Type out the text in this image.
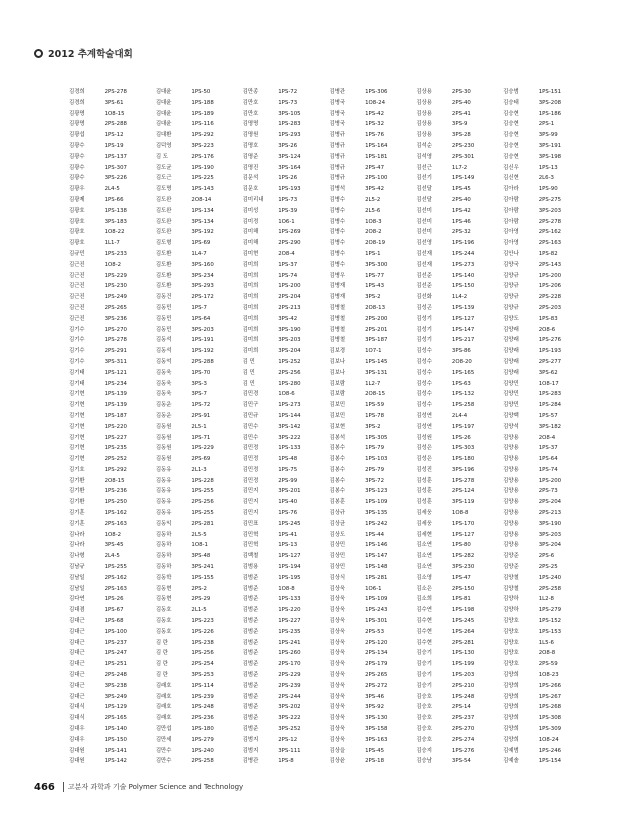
2012 추계학술대회
김경희	2PS-278
김경희	3PS-61
김광명	1O8-15
김광명	2PS-288
김광섭	1PS-12
김광수	1PS-19
김광수	1PS-137
김광수	1PS-307
김광수	3PS-226
김광우	2L4-5
김광제	1PS-66
김광호	1PS-138
김광호	3PS-183
김광호	1O8-22
김광호	1L1-7
김규민	1PS-233
김근진	1O8-2
김근진	1PS-229
김근진	1PS-230
김근진	1PS-249
김근진	2PS-265
김근진	3PS-236
김기수	1PS-270
김기수	1PS-278
김기수	2PS-291
김기수	3PS-311
김기태	1PS-121
김기태	1PS-234
김기현	1PS-139
김기현	1PS-139
김기현	1PS-187
김기현	1PS-220
김기현	1PS-227
김기현	1PS-235
김기현	2PS-252
김기호	1PS-292
김기환	2O8-15
김기환	1PS-236
김기환	1PS-250
김기훈	1PS-162
김기훈	2PS-163
김나라	1O8-2
김나라	3PS-45
김나형	2L4-5
김남규	1PS-255
김남일	2PS-162
김남일	2PS-163
김다연	1PS-26
김대겸	1PS-67
김대근	1PS-68
김대근	1PS-100
김대근	1PS-237
김대근	1PS-247
김대근	1PS-251
김대근	2PS-248
김대근	3PS-238
김대근	3PS-249
김대식	1PS-129
김대식	2PS-165
김대우	1PS-140
김대우	1PS-150
김대원	1PS-141
김대원	1PS-142
김대윤	1PS-50
김대윤	1PS-188
김대윤	1PS-189
김대윤	1PS-116
김대환	1PS-292
김덕영	3PS-223
김 도	2PS-176
김도균	1PS-190
김도근	1PS-225
김도명	1PS-143
김도완	2O8-14
김도완	1PS-134
김도완	3PS-134
김도완	3PS-192
김도형	1PS-69
김도환	1L4-7
김도환	3PS-160
김도환	3PS-234
김도환	3PS-293
김동건	2PS-172
김동민	1PS-7
김동민	1PS-64
김동민	3PS-203
김동석	1PS-191
김동석	1PS-192
김동억	2PS-288
김동욱	1PS-70
김동욱	3PS-3
김동욱	3PS-7
김동운	1PS-72
김동운	2PS-91
김동원	2L5-1
김동원	1PS-71
김동원	1PS-229
김동원	2PS-69
김동유	2L1-3
김동유	1PS-228
김동유	1PS-255
김동유	2PS-256
김동유	1PS-255
김동익	2PS-281
김동하	2L5-5
김동하	1O8-1
김동하	3PS-48
김동하	3PS-241
김동학	1PS-155
김동현	2PS-2
김동현	2PS-29
김동호	2L1-5
김동호	1PS-223
김동호	1PS-226
김 란	1PS-238
김 란	1PS-256
김 란	2PS-254
김 란	3PS-253
김래호	1PS-114
김래호	1PS-239
김래호	1PS-248
김래호	2PS-236
김만섭	1PS-180
김만세	1PS-279
김만수	1PS-240
김만수	2PS-258
김만종	1PS-72
김만호	1PS-73
김만호	3PS-105
김명명	1PS-283
김명원	1PS-293
김명호	3PS-26
김명준	3PS-124
김명진	3PS-164
김문석	1PS-26
김문호	1PS-193
김미리내	1PS-73
김미성	1PS-39
김미정	1O6-1
김미해	1PS-269
김미해	2PS-290
김미현	2O8-4
김미희	1PS-37
김미희	1PS-74
김미희	1PS-200
김미희	2PS-204
김미희	2PS-213
김미희	3PS-42
김미희	3PS-190
김미희	3PS-203
김미희	3PS-204
김 민	1PS-252
김 민	2PS-256
김 민	1PS-280
김민경	1O8-6
김민구	1PS-273
김민규	1PS-144
김민수	3PS-142
김민수	3PS-222
김민정	1PS-133
김민정	1PS-48
김민정	1PS-75
김민정	2PS-99
김민지	3PS-201
김민지	1PS-40
김민지	1PS-76
김민표	1PS-245
김민혁	1PS-41
김민혁	1PS-13
김백철	1PS-127
김범용	1PS-194
김범준	1PS-195
김범준	1O8-8
김범준	1PS-133
김범준	1PS-220
김범준	1PS-227
김범준	1PS-235
김범준	1PS-241
김범준	1PS-260
김범준	2PS-170
김범준	2PS-229
김범준	2PS-239
김범준	2PS-244
김범준	3PS-202
김범준	3PS-222
김범준	3PS-252
김범지	2PS-12
김범지	3PS-111
김병관	1PS-8
김병관	1PS-306
김병국	1O8-24
김병국	1PS-42
김병국	1PS-32
김병규	1PS-76
김병규	1PS-164
김병규	1PS-181
김병규	2PS-47
김병규	2PS-100
김병석	3PS-42
김병수	2L5-2
김병수	2L5-6
김병수	1O8-3
김병수	2O8-2
김병수	2O8-19
김병수	1PS-1
김병수	3PS-300
김병우	1PS-77
김병재	1PS-43
김병재	3PS-2
김병철	2O8-13
김병철	2PS-200
김병철	2PS-201
김병철	3PS-187
김보경	1O7-1
김보나	1PS-145
김보나	3PS-131
김보람	1L2-7
김보람	2O8-15
김보민	1PS-59
김보민	1PS-78
김보현	3PS-2
김봉석	1PS-305
김봉수	1PS-79
김봉수	1PS-103
김봉수	2PS-79
김봉수	3PS-72
김봉수	3PS-123
김봉훈	1PS-109
김상규	3PS-135
김상균	1PS-242
김상도	1PS-44
김상민	1PS-146
김상민	1PS-147
김상민	1PS-148
김상식	1PS-281
김상욱	1O6-1
김상욱	1PS-109
김상욱	1PS-243
김상욱	1PS-301
김상욱	2PS-53
김상욱	2PS-120
김상욱	2PS-134
김상욱	2PS-179
김상욱	2PS-265
김상욱	2PS-272
김상욱	3PS-46
김상욱	3PS-92
김상욱	3PS-130
김상욱	3PS-158
김상욱	3PS-163
김상을	1PS-45
김상윤	2PS-18
김상용	2PS-30
김상용	2PS-40
김상용	2PS-41
김상용	3PS-9
김상용	3PS-28
김석순	2PS-230
김석영	2PS-301
김선근	1L7-2
김선기	1PS-149
김선달	1PS-45
김선달	2PS-40
김선미	1PS-42
김선미	1PS-46
김선미	2PS-32
김선영	1PS-196
김선재	1PS-244
김선재	1PS-273
김선준	1PS-140
김선준	1PS-150
김선화	1L4-2
김성곤	1PS-139
김성기	1PS-127
김성기	1PS-147
김성기	1PS-217
김성수	3PS-86
김성수	2O8-20
김성수	1PS-165
김성수	1PS-63
김성수	1PS-132
김성수	1PS-258
김성연	2L4-4
김성연	1PS-197
김성원	1PS-26
김성은	1PS-303
김성은	1PS-180
김성진	3PS-196
김성훈	1PS-278
김성훈	2PS-124
김성훈	3PS-119
김세웅	1O8-8
김세웅	1PS-170
김세현	1PS-127
김소연	1PS-80
김소연	1PS-282
김소연	3PS-230
김소영	1PS-47
김소은	2PS-150
김소희	1PS-81
김수연	1PS-198
김수현	1PS-245
김수현	1PS-264
김수현	2PS-281
김승기	1PS-130
김승기	1PS-199
김승기	1PS-203
김승기	2PS-210
김승호	1PS-248
김승호	2PS-14
김승호	2PS-237
김승호	2PS-270
김승호	2PS-274
김승지	1PS-276
김승남	3PS-54
김승범	1PS-151
김승태	3PS-208
김승현	1PS-186
김승현	2PS-1
김승현	3PS-99
김승현	3PS-191
김승현	3PS-198
김신우	1PS-13
김신현	2L6-3
김아라	1PS-90
김아람	2PS-275
김아람	3PS-203
김아람	2PS-278
김아영	2PS-162
김아영	2PS-163
김안나	1PS-82
김양국	2PS-143
김양규	1PS-200
김양규	1PS-206
김양규	2PS-228
김양규	2PS-203
김양도	1PS-83
김양래	2O8-6
김양래	1PS-276
김양래	1PS-193
김양래	2PS-277
김양래	3PS-62
김양민	1O8-17
김양민	1PS-283
김양민	1PS-284
김양백	1PS-57
김양석	3PS-182
김양용	2O8-4
김양용	1PS-37
김양용	1PS-64
김양용	1PS-74
김양용	1PS-200
김양용	2PS-73
김양용	2PS-204
김양용	2PS-213
김양용	3PS-190
김양용	3PS-203
김양용	3PS-204
김양준	2PS-6
김양준	2PS-25
김양철	1PS-240
김양철	2PS-258
김양하	1L2-8
김양하	1PS-279
김양호	1PS-152
김양호	1PS-153
김양호	1L5-6
김양호	2O8-8
김양호	2PS-59
김양희	1O8-23
김양희	1PS-266
김양희	1PS-267
김양희	1PS-268
김양희	1PS-308
김양희	1PS-309
김양희	1O8-24
김예범	1PS-246
김예솔	1PS-154
466 고분자 과학과 기술 Polymer Science and Technology
